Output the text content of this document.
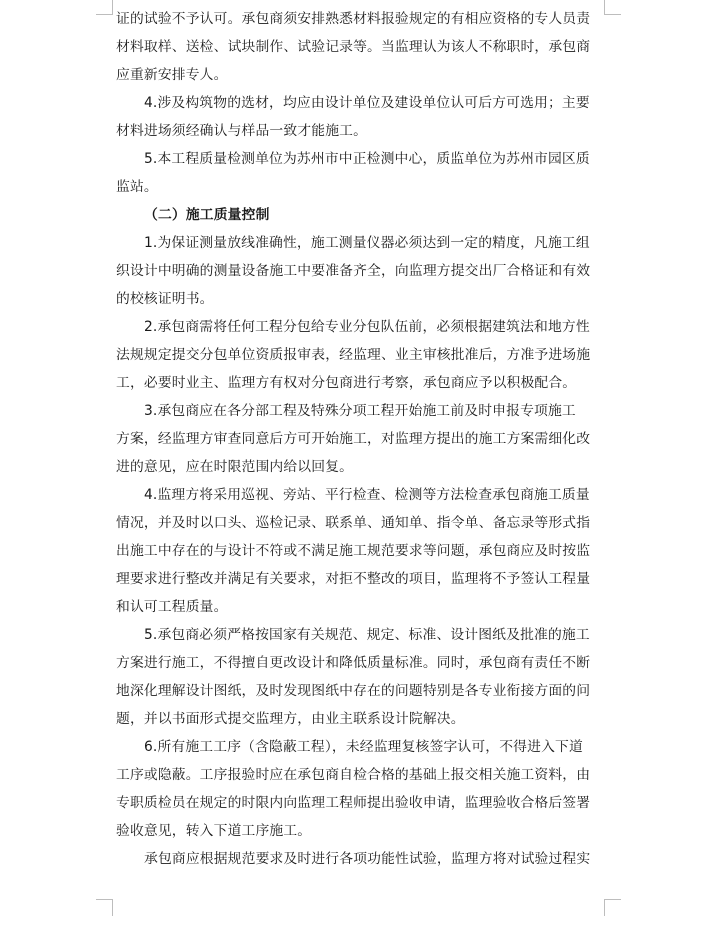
证的试验不予认可。承包商须安排熟悉材料报验规定的有相应资格的专人员责
材料取样、送检、试块制作、试验记录等。当监理认为该人不称职时，承包商
应重新安排专人。
4.涉及构筑物的选材，均应由设计单位及建设单位认可后方可选用；主要
材料进场须经确认与样品一致才能施工。
5.本工程质量检测单位为苏州市中正检测中心，质监单位为苏州市园区质
监站。
（二）施工质量控制
1.为保证测量放线准确性，施工测量仪器必须达到一定的精度，凡施工组
织设计中明确的测量设备施工中要准备齐全，向监理方提交出厂合格证和有效
的校核证明书。
2.承包商需将任何工程分包给专业分包队伍前，必须根据建筑法和地方性
法规规定提交分包单位资质报审表，经监理、业主审核批准后，方准予进场施
工，必要时业主、监理方有权对分包商进行考察，承包商应予以积极配合。
3.承包商应在各分部工程及特殊分项工程开始施工前及时申报专项施工
方案，经监理方审查同意后方可开始施工，对监理方提出的施工方案需细化改
进的意见，应在时限范围内给以回复。
4.监理方将采用巡视、旁站、平行检查、检测等方法检查承包商施工质量
情况，并及时以口头、巡检记录、联系单、通知单、指令单、备忘录等形式指
出施工中存在的与设计不符或不满足施工规范要求等问题，承包商应及时按监
理要求进行整改并满足有关要求，对拒不整改的项目，监理将不予签认工程量
和认可工程质量。
5.承包商必须严格按国家有关规范、规定、标准、设计图纸及批准的施工
方案进行施工，不得擅自更改设计和降低质量标准。同时，承包商有责任不断
地深化理解设计图纸，及时发现图纸中存在的问题特别是各专业衔接方面的问
题，并以书面形式提交监理方，由业主联系设计院解决。
6.所有施工工序（含隐蔽工程），未经监理复核签字认可，不得进入下道
工序或隐蔽。工序报验时应在承包商自检合格的基础上报交相关施工资料，由
专职质检员在规定的时限内向监理工程师提出验收申请，监理验收合格后签署
验收意见，转入下道工序施工。
承包商应根据规范要求及时进行各项功能性试验，监理方将对试验过程实
